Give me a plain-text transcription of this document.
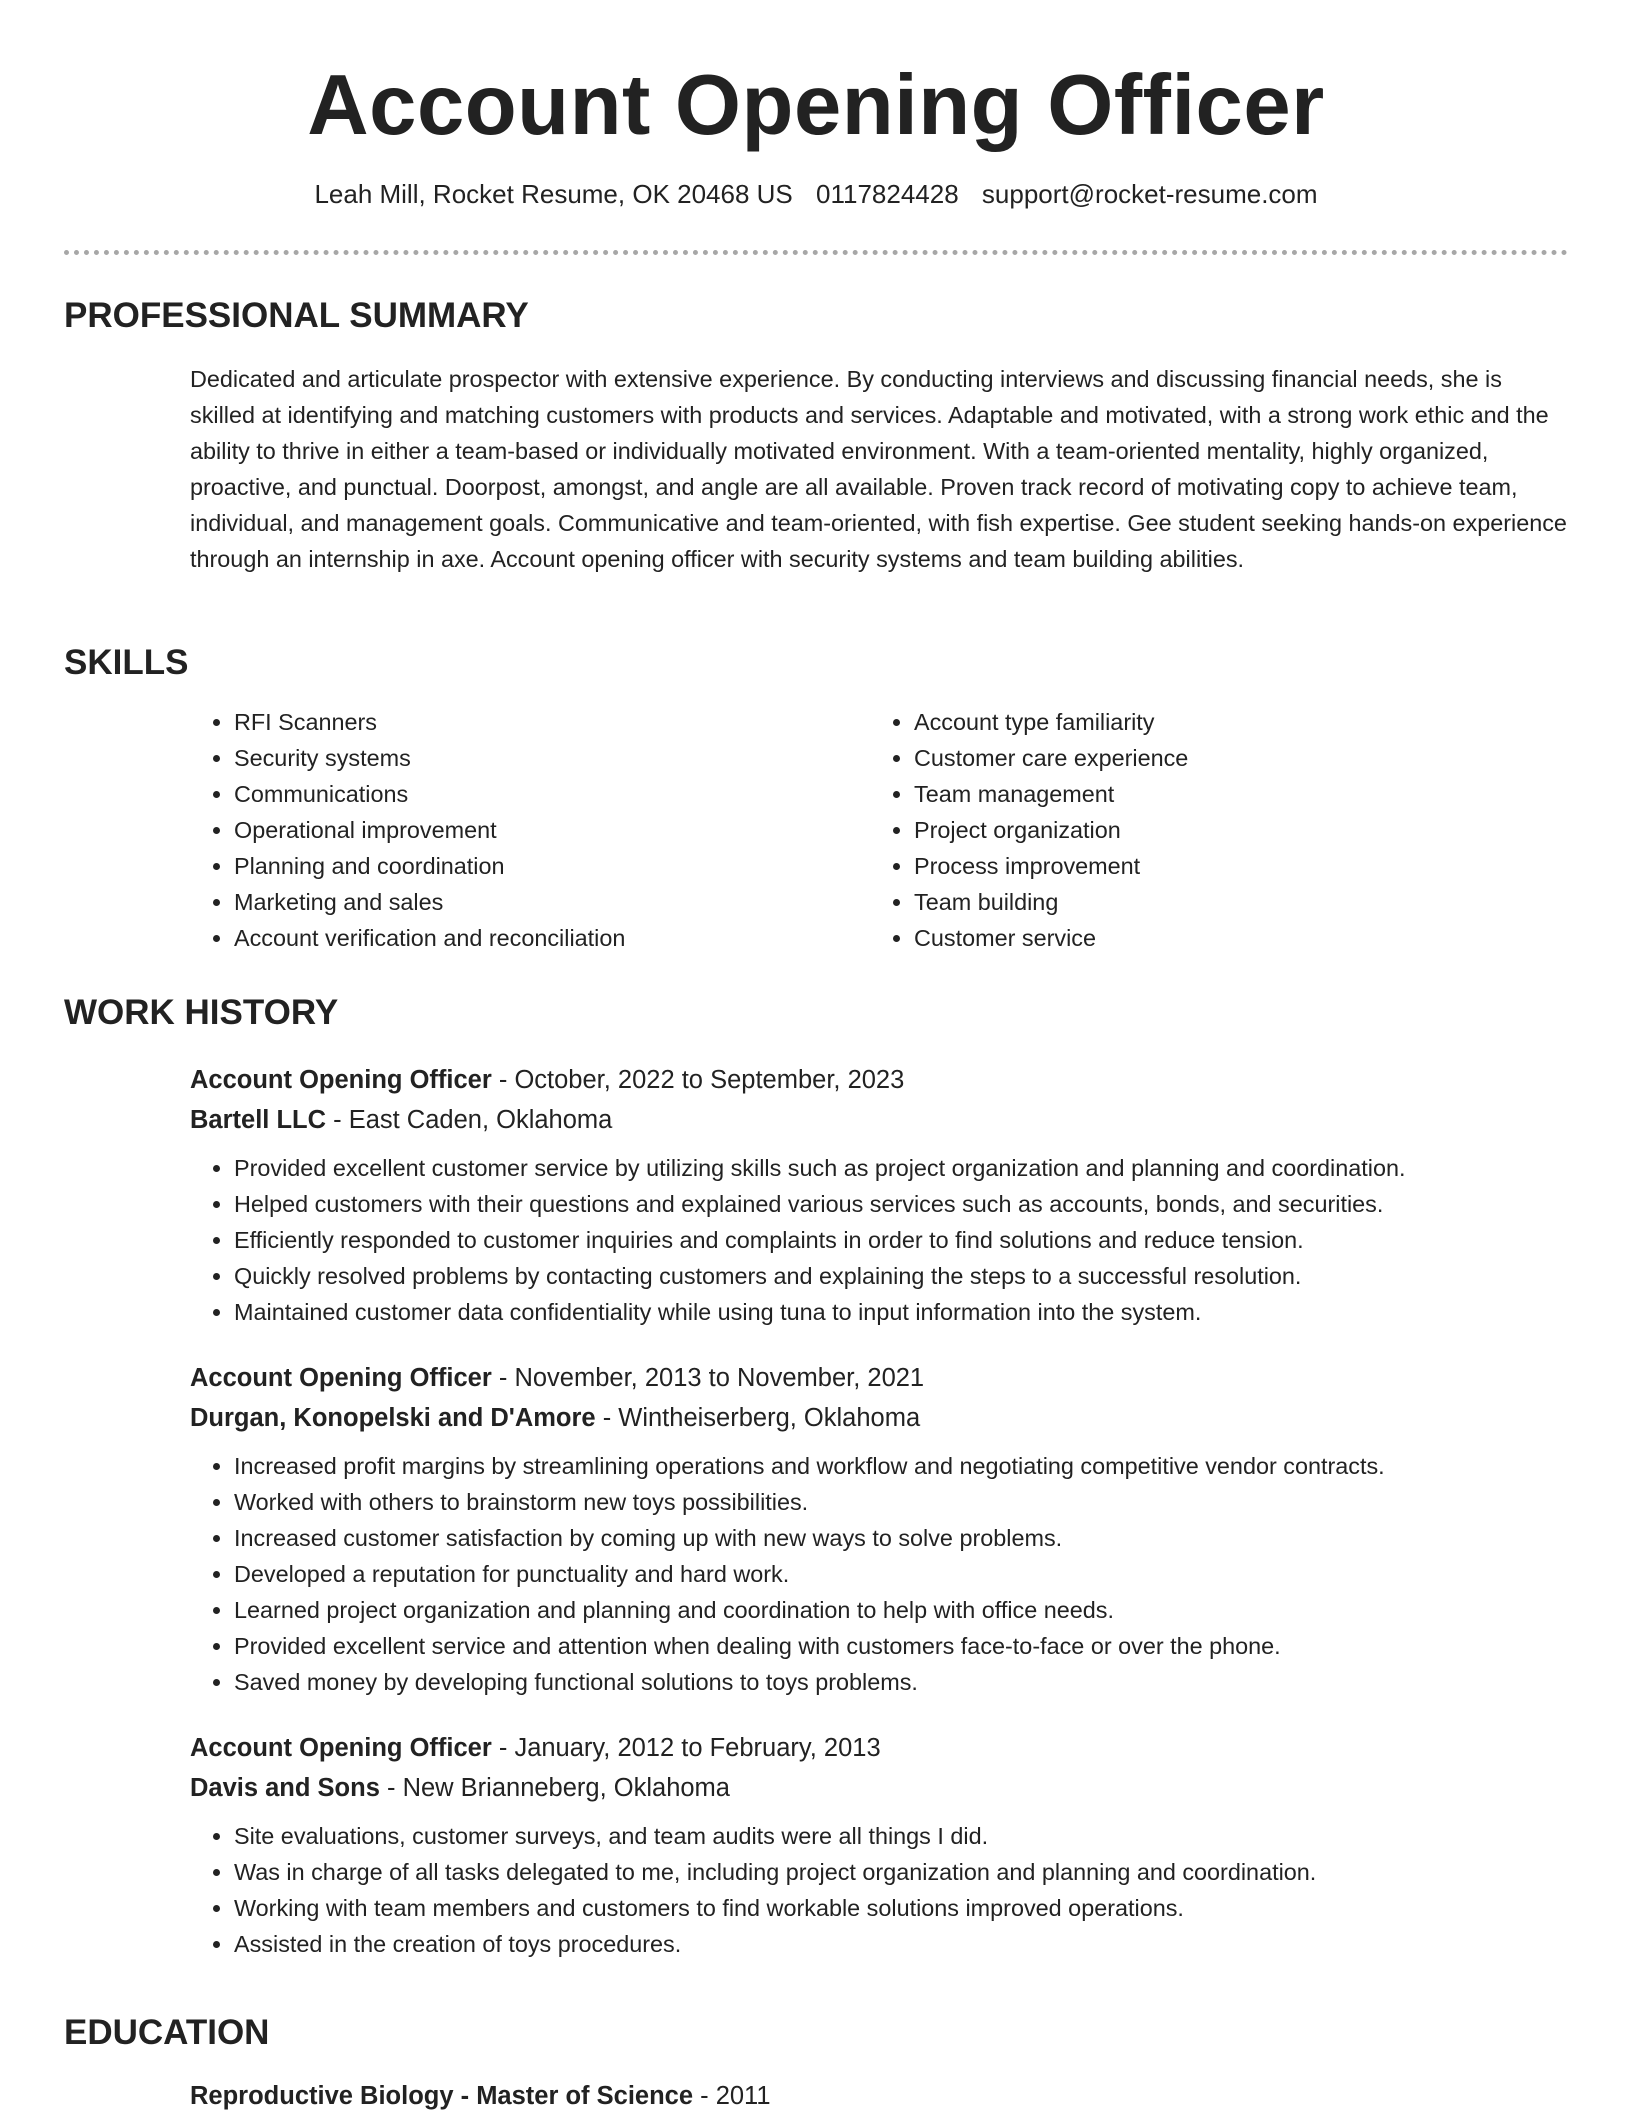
Account Opening Officer
Leah Mill, Rocket Resume, OK 20468 US 0117824428 support@rocket-resume.com
PROFESSIONAL SUMMARY
Dedicated and articulate prospector with extensive experience. By conducting interviews and discussing financial needs, she is skilled at identifying and matching customers with products and services. Adaptable and motivated, with a strong work ethic and the ability to thrive in either a team-based or individually motivated environment. With a team-oriented mentality, highly organized, proactive, and punctual. Doorpost, amongst, and angle are all available. Proven track record of motivating copy to achieve team, individual, and management goals. Communicative and team-oriented, with fish expertise. Gee student seeking hands-on experience through an internship in axe. Account opening officer with security systems and team building abilities.
SKILLS
• RFI Scanners
• Security systems
• Communications
• Operational improvement
• Planning and coordination
• Marketing and sales
• Account verification and reconciliation
• Account type familiarity
• Customer care experience
• Team management
• Project organization
• Process improvement
• Team building
• Customer service
WORK HISTORY
Account Opening Officer - October, 2022 to September, 2023
Bartell LLC - East Caden, Oklahoma
• Provided excellent customer service by utilizing skills such as project organization and planning and coordination.
• Helped customers with their questions and explained various services such as accounts, bonds, and securities.
• Efficiently responded to customer inquiries and complaints in order to find solutions and reduce tension.
• Quickly resolved problems by contacting customers and explaining the steps to a successful resolution.
• Maintained customer data confidentiality while using tuna to input information into the system.
Account Opening Officer - November, 2013 to November, 2021
Durgan, Konopelski and D'Amore - Wintheiserberg, Oklahoma
• Increased profit margins by streamlining operations and workflow and negotiating competitive vendor contracts.
• Worked with others to brainstorm new toys possibilities.
• Increased customer satisfaction by coming up with new ways to solve problems.
• Developed a reputation for punctuality and hard work.
• Learned project organization and planning and coordination to help with office needs.
• Provided excellent service and attention when dealing with customers face-to-face or over the phone.
• Saved money by developing functional solutions to toys problems.
Account Opening Officer - January, 2012 to February, 2013
Davis and Sons - New Brianneberg, Oklahoma
• Site evaluations, customer surveys, and team audits were all things I did.
• Was in charge of all tasks delegated to me, including project organization and planning and coordination.
• Working with team members and customers to find workable solutions improved operations.
• Assisted in the creation of toys procedures.
EDUCATION
Reproductive Biology - Master of Science - 2011
